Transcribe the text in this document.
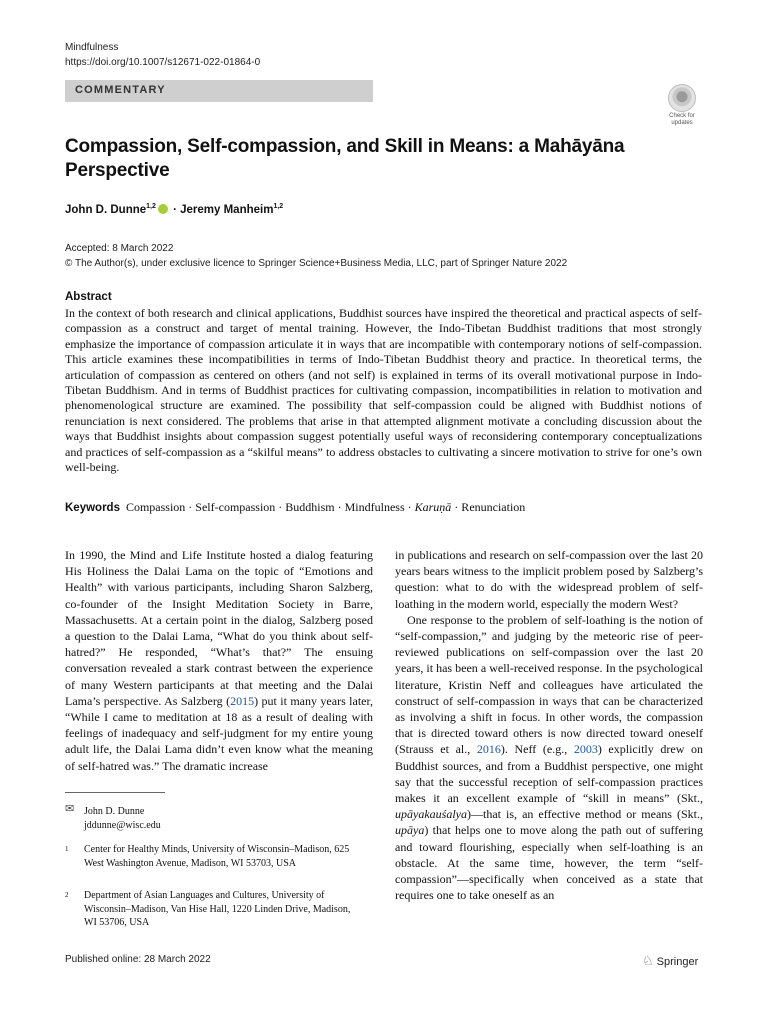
Mindfulness
https://doi.org/10.1007/s12671-022-01864-0
COMMENTARY
Check for updates
Compassion, Self-compassion, and Skill in Means: a Mahāyāna Perspective
John D. Dunne$^{1,2}$ · Jeremy Manheim$^{1,2}$
Accepted: 8 March 2022
© The Author(s), under exclusive licence to Springer Science+Business Media, LLC, part of Springer Nature 2022
Abstract
In the context of both research and clinical applications, Buddhist sources have inspired the theoretical and practical aspects of self-compassion as a construct and target of mental training. However, the Indo-Tibetan Buddhist traditions that most strongly emphasize the importance of compassion articulate it in ways that are incompatible with contemporary notions of self-compassion. This article examines these incompatibilities in terms of Indo-Tibetan Buddhist theory and practice. In theoretical terms, the articulation of compassion as centered on others (and not self) is explained in terms of its overall motivational purpose in Indo-Tibetan Buddhism. And in terms of Buddhist practices for cultivating compassion, incompatibilities in relation to motivation and phenomenological structure are examined. The possibility that self-compassion could be aligned with Buddhist notions of renunciation is next considered. The problems that arise in that attempted alignment motivate a concluding discussion about the ways that Buddhist insights about compassion suggest potentially useful ways of reconsidering contemporary conceptualizations and practices of self-compassion as a “skilful means” to address obstacles to cultivating a sincere motivation to strive for one’s own well-being.
Keywords Compassion · Self-compassion · Buddhism · Mindfulness · Karuṇā · Renunciation
In 1990, the Mind and Life Institute hosted a dialog featuring His Holiness the Dalai Lama on the topic of “Emotions and Health” with various participants, including Sharon Salzberg, co-founder of the Insight Meditation Society in Barre, Massachusetts. At a certain point in the dialog, Salzberg posed a question to the Dalai Lama, “What do you think about self-hatred?” He responded, “What’s that?” The ensuing conversation revealed a stark contrast between the experience of many Western participants at that meeting and the Dalai Lama’s perspective. As Salzberg (2015) put it many years later, “While I came to meditation at 18 as a result of dealing with feelings of inadequacy and self-judgment for my entire young adult life, the Dalai Lama didn’t even know what the meaning of self-hatred was.” The dramatic increase
in publications and research on self-compassion over the last 20 years bears witness to the implicit problem posed by Salzberg’s question: what to do with the widespread problem of self-loathing in the modern world, especially the modern West?
One response to the problem of self-loathing is the notion of “self-compassion,” and judging by the meteoric rise of peer-reviewed publications on self-compassion over the last 20 years, it has been a well-received response. In the psychological literature, Kristin Neff and colleagues have articulated the construct of self-compassion in ways that can be characterized as involving a shift in focus. In other words, the compassion that is directed toward others is now directed toward oneself (Strauss et al., 2016). Neff (e.g., 2003) explicitly drew on Buddhist sources, and from a Buddhist perspective, one might say that the successful reception of self-compassion practices makes it an excellent example of “skill in means” (Skt., upāyakauśalya)—that is, an effective method or means (Skt., upāya) that helps one to move along the path out of suffering and toward flourishing, especially when self-loathing is an obstacle. At the same time, however, the term “self-compassion”—specifically when conceived as a state that requires one to take oneself as an
✉ John D. Dunne
jddunne@wisc.edu
1 Center for Healthy Minds, University of Wisconsin–Madison, 625 West Washington Avenue, Madison, WI 53703, USA
2 Department of Asian Languages and Cultures, University of Wisconsin–Madison, Van Hise Hall, 1220 Linden Drive, Madison, WI 53706, USA
Published online: 28 March 2022	♘ Springer
